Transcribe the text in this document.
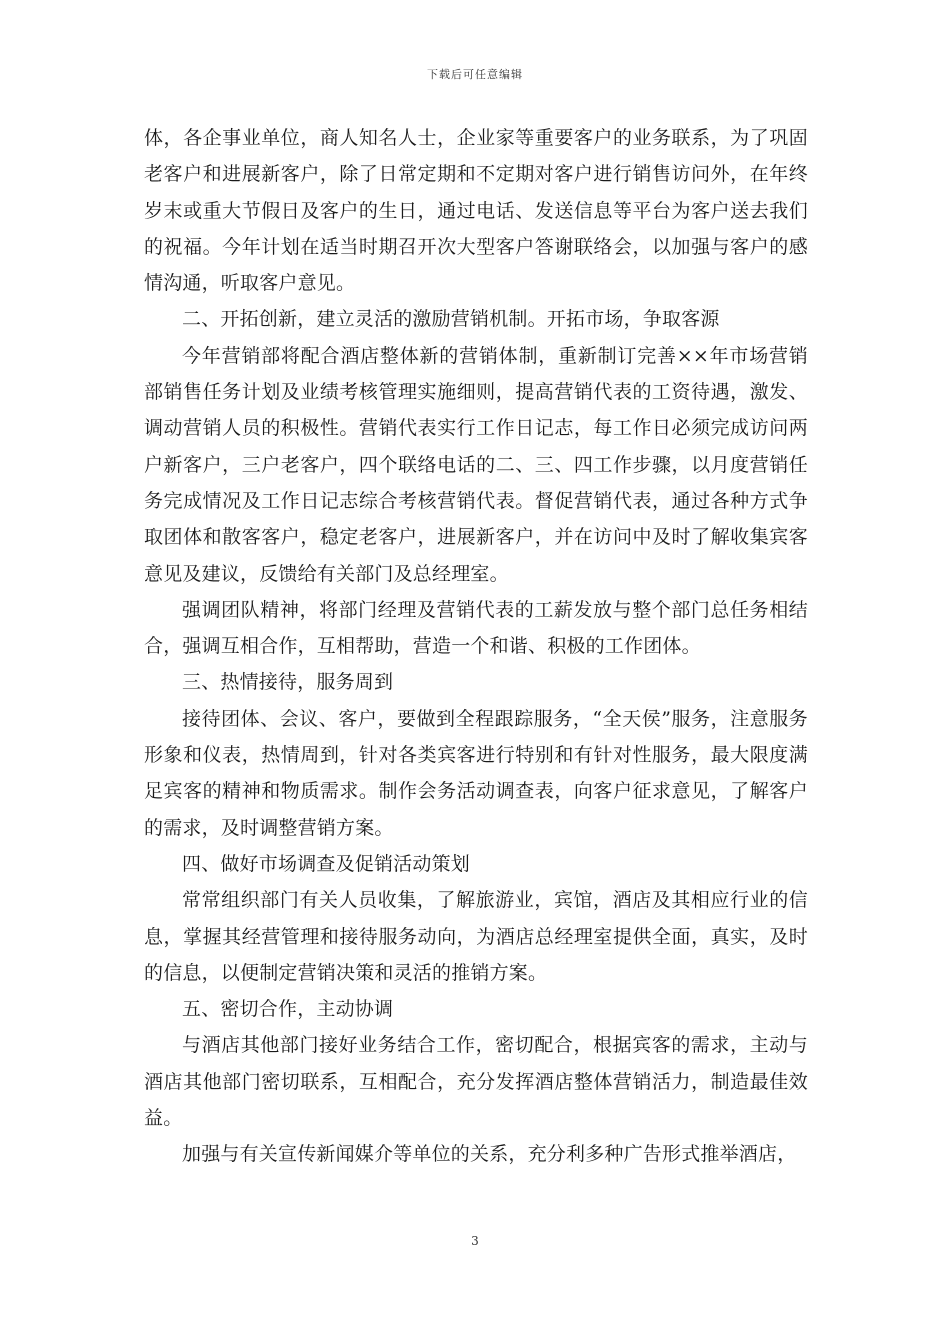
下载后可任意编辑

体，各企事业单位，商人知名人士，企业家等重要客户的业务联系，为了巩固老客户和进展新客户，除了日常定期和不定期对客户进行销售访问外，在年终岁末或重大节假日及客户的生日，通过电话、发送信息等平台为客户送去我们的祝福。今年计划在适当时期召开次大型客户答谢联络会，以加强与客户的感情沟通，听取客户意见。

二、开拓创新，建立灵活的激励营销机制。开拓市场，争取客源

今年营销部将配合酒店整体新的营销体制，重新制订完善××年市场营销部销售任务计划及业绩考核管理实施细则，提高营销代表的工资待遇，激发、调动营销人员的积极性。营销代表实行工作日记志，每工作日必须完成访问两户新客户，三户老客户，四个联络电话的二、三、四工作步骤，以月度营销任务完成情况及工作日记志综合考核营销代表。督促营销代表，通过各种方式争取团体和散客客户，稳定老客户，进展新客户，并在访问中及时了解收集宾客意见及建议，反馈给有关部门及总经理室。

强调团队精神，将部门经理及营销代表的工薪发放与整个部门总任务相结合，强调互相合作，互相帮助，营造一个和谐、积极的工作团体。

三、热情接待，服务周到

接待团体、会议、客户，要做到全程跟踪服务，“全天侯”服务，注意服务形象和仪表，热情周到，针对各类宾客进行特别和有针对性服务，最大限度满足宾客的精神和物质需求。制作会务活动调查表，向客户征求意见，了解客户的需求，及时调整营销方案。

四、做好市场调查及促销活动策划

常常组织部门有关人员收集，了解旅游业，宾馆，酒店及其相应行业的信息，掌握其经营管理和接待服务动向，为酒店总经理室提供全面，真实，及时的信息，以便制定营销决策和灵活的推销方案。

五、密切合作，主动协调

与酒店其他部门接好业务结合工作，密切配合，根据宾客的需求，主动与酒店其他部门密切联系，互相配合，充分发挥酒店整体营销活力，制造最佳效益。

加强与有关宣传新闻媒介等单位的关系，充分利多种广告形式推举酒店，

3
